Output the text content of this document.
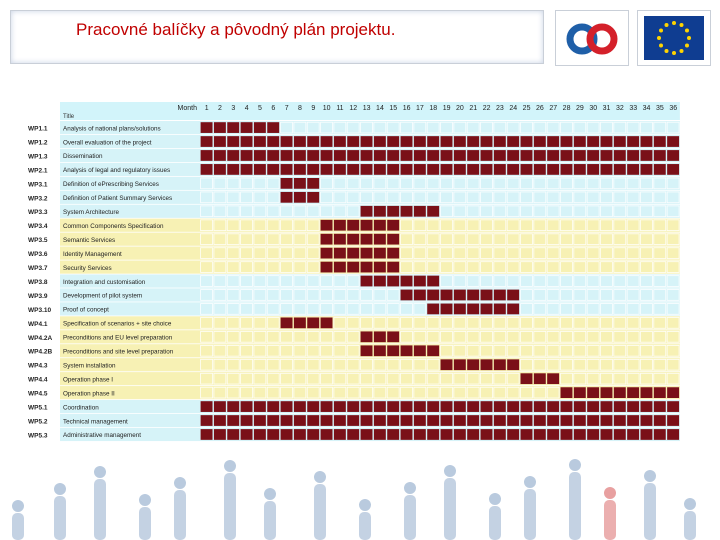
Pracovné balíčky a pôvodný plán projektu.
Month
Title
1 2 3 4 5 6 7 8 9 10 11 12 13 14 15 16 17 18 19 20 21 22 23 24 25 26 27 28 29 30 31 32 33 34 35 36
WP1.1 Analysis of national plans/solutions
WP1.2 Overall evaluation of the project
WP1.3 Dissemination
WP2.1 Analysis of legal and regulatory issues
WP3.1 Definition of ePrescribing Services
WP3.2 Definition of Patient Summary Services
WP3.3 System Architecture
WP3.4 Common Components Specification
WP3.5 Semantic Services
WP3.6 Identity Management
WP3.7 Security Services
WP3.8 Integration and customisation
WP3.9 Development of pilot system
WP3.10 Proof of concept
WP4.1 Specification of scenarios + site choice
WP4.2A Preconditions and EU level preparation
WP4.2B Preconditions and site level preparation
WP4.3 System installation
WP4.4 Operation phase I
WP4.5 Operation phase II
WP5.1 Coordination
WP5.2 Technical management
WP5.3 Administrative management
